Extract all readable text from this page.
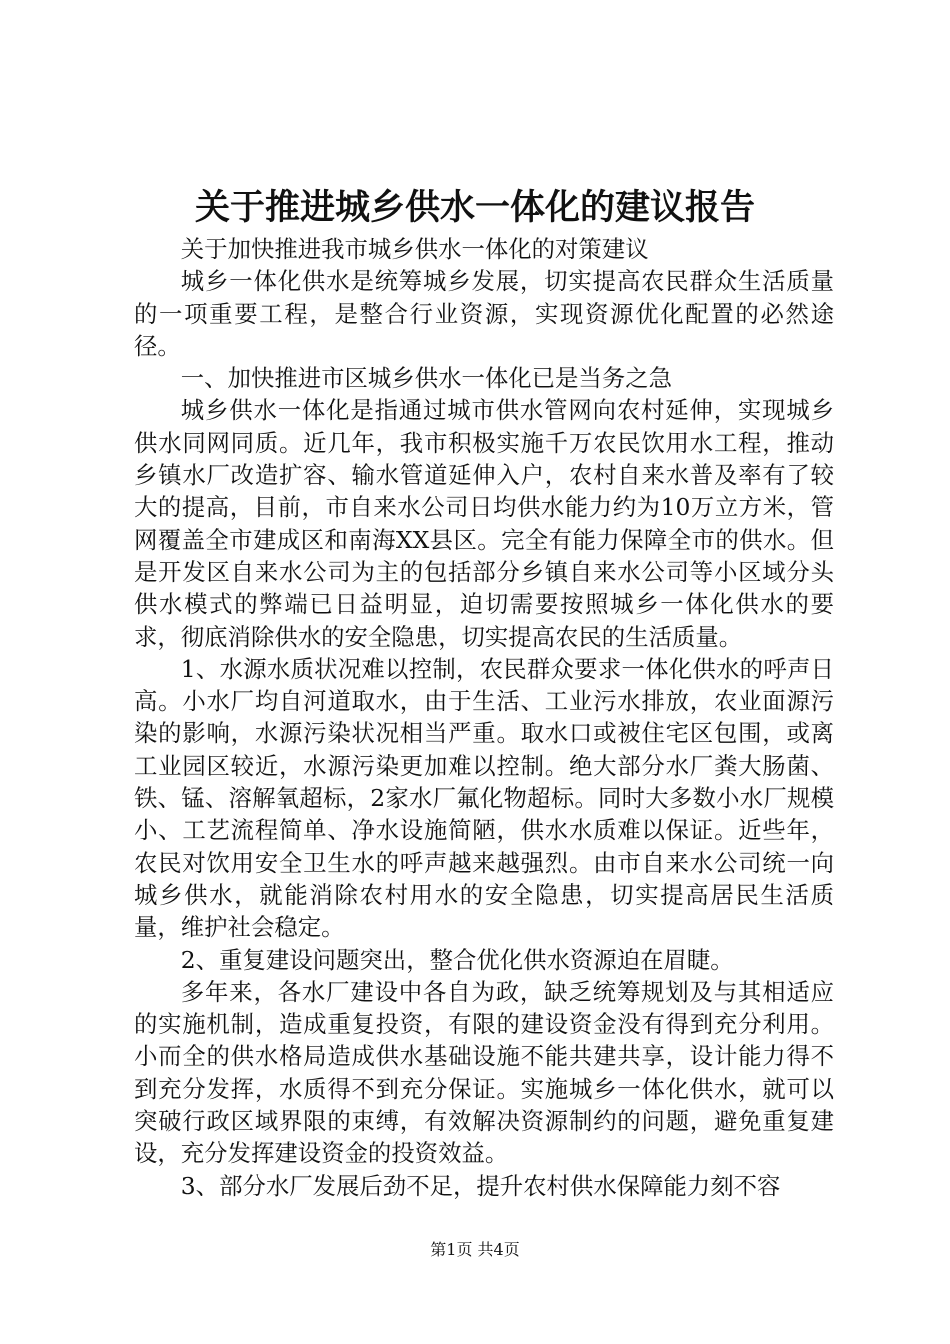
关于推进城乡供水一体化的建议报告

关于加快推进我市城乡供水一体化的对策建议

城乡一体化供水是统筹城乡发展，切实提高农民群众生活质量的一项重要工程，是整合行业资源，实现资源优化配置的必然途径。

一、加快推进市区城乡供水一体化已是当务之急

城乡供水一体化是指通过城市供水管网向农村延伸，实现城乡供水同网同质。近几年，我市积极实施千万农民饮用水工程，推动乡镇水厂改造扩容、输水管道延伸入户，农村自来水普及率有了较大的提高，目前，市自来水公司日均供水能力约为10万立方米，管网覆盖全市建成区和南海XX县区。完全有能力保障全市的供水。但是开发区自来水公司为主的包括部分乡镇自来水公司等小区域分头供水模式的弊端已日益明显，迫切需要按照城乡一体化供水的要求，彻底消除供水的安全隐患，切实提高农民的生活质量。

1、水源水质状况难以控制，农民群众要求一体化供水的呼声日高。小水厂均自河道取水，由于生活、工业污水排放，农业面源污染的影响，水源污染状况相当严重。取水口或被住宅区包围，或离工业园区较近，水源污染更加难以控制。绝大部分水厂粪大肠菌、铁、锰、溶解氧超标，2家水厂氟化物超标。同时大多数小水厂规模小、工艺流程简单、净水设施简陋，供水水质难以保证。近些年，农民对饮用安全卫生水的呼声越来越强烈。由市自来水公司统一向城乡供水，就能消除农村用水的安全隐患，切实提高居民生活质量，维护社会稳定。

2、重复建设问题突出，整合优化供水资源迫在眉睫。

多年来，各水厂建设中各自为政，缺乏统筹规划及与其相适应的实施机制，造成重复投资，有限的建设资金没有得到充分利用。小而全的供水格局造成供水基础设施不能共建共享，设计能力得不到充分发挥，水质得不到充分保证。实施城乡一体化供水，就可以突破行政区域界限的束缚，有效解决资源制约的问题，避免重复建设，充分发挥建设资金的投资效益。

3、部分水厂发展后劲不足，提升农村供水保障能力刻不容

第1页 共4页
